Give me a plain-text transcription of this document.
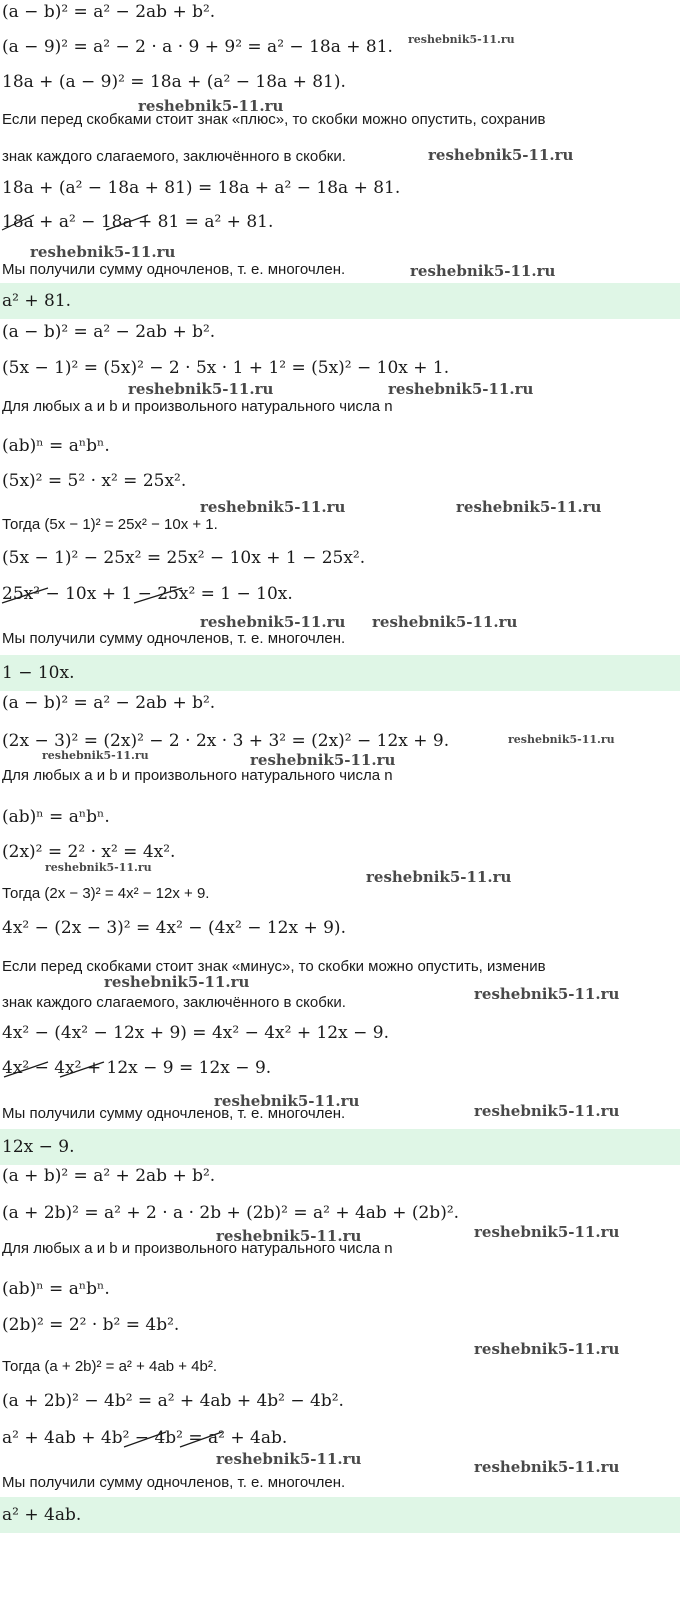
(a − b)² = a² − 2ab + b².
(a − 9)² = a² − 2 · a · 9 + 9² = a² − 18a + 81.
18a + (a − 9)² = 18a + (a² − 18a + 81).
Если перед скобками стоит знак «плюс», то скобки можно опустить, сохранив
знак каждого слагаемого, заключённого в скобки.
18a + (a² − 18a + 81) = 18a + a² − 18a + 81.
18a + a² − 18a + 81 = a² + 81.
Мы получили сумму одночленов, т. е. многочлен.
a² + 81.
(a − b)² = a² − 2ab + b².
(5x − 1)² = (5x)² − 2 · 5x · 1 + 1² = (5x)² − 10x + 1.
Для любых a и b и произвольного натурального числа n
(ab)ⁿ = aⁿbⁿ.
(5x)² = 5² · x² = 25x².
Тогда (5x − 1)² = 25x² − 10x + 1.
(5x − 1)² − 25x² = 25x² − 10x + 1 − 25x².
25x² − 10x + 1 − 25x² = 1 − 10x.
Мы получили сумму одночленов, т. е. многочлен.
1 − 10x.
(a − b)² = a² − 2ab + b².
(2x − 3)² = (2x)² − 2 · 2x · 3 + 3² = (2x)² − 12x + 9.
Для любых a и b и произвольного натурального числа n
(ab)ⁿ = aⁿbⁿ.
(2x)² = 2² · x² = 4x².
Тогда (2x − 3)² = 4x² − 12x + 9.
4x² − (2x − 3)² = 4x² − (4x² − 12x + 9).
Если перед скобками стоит знак «минус», то скобки можно опустить, изменив
знак каждого слагаемого, заключённого в скобки.
4x² − (4x² − 12x + 9) = 4x² − 4x² + 12x − 9.
4x² − 4x² + 12x − 9 = 12x − 9.
Мы получили сумму одночленов, т. е. многочлен.
12x − 9.
(a + b)² = a² + 2ab + b².
(a + 2b)² = a² + 2 · a · 2b + (2b)² = a² + 4ab + (2b)².
Для любых a и b и произвольного натурального числа n
(ab)ⁿ = aⁿbⁿ.
(2b)² = 2² · b² = 4b².
Тогда (a + 2b)² = a² + 4ab + 4b².
(a + 2b)² − 4b² = a² + 4ab + 4b² − 4b².
a² + 4ab + 4b² − 4b² = a² + 4ab.
Мы получили сумму одночленов, т. е. многочлен.
a² + 4ab.
reshebnik5-11.ru
reshebnik5-11.ru
reshebnik5-11.ru
reshebnik5-11.ru
reshebnik5-11.ru
reshebnik5-11.ru	reshebnik5-11.ru
reshebnik5-11.ru	reshebnik5-11.ru
reshebnik5-11.ru reshebnik5-11.ru
reshebnik5-11.ru
reshebnik5-11.ru	reshebnik5-11.ru
reshebnik5-11.ru
reshebnik5-11.ru
reshebnik5-11.ru
reshebnik5-11.ru
reshebnik5-11.ru
reshebnik5-11.ru
reshebnik5-11.ru	reshebnik5-11.ru
reshebnik5-11.ru
reshebnik5-11.ru	reshebnik5-11.ru
